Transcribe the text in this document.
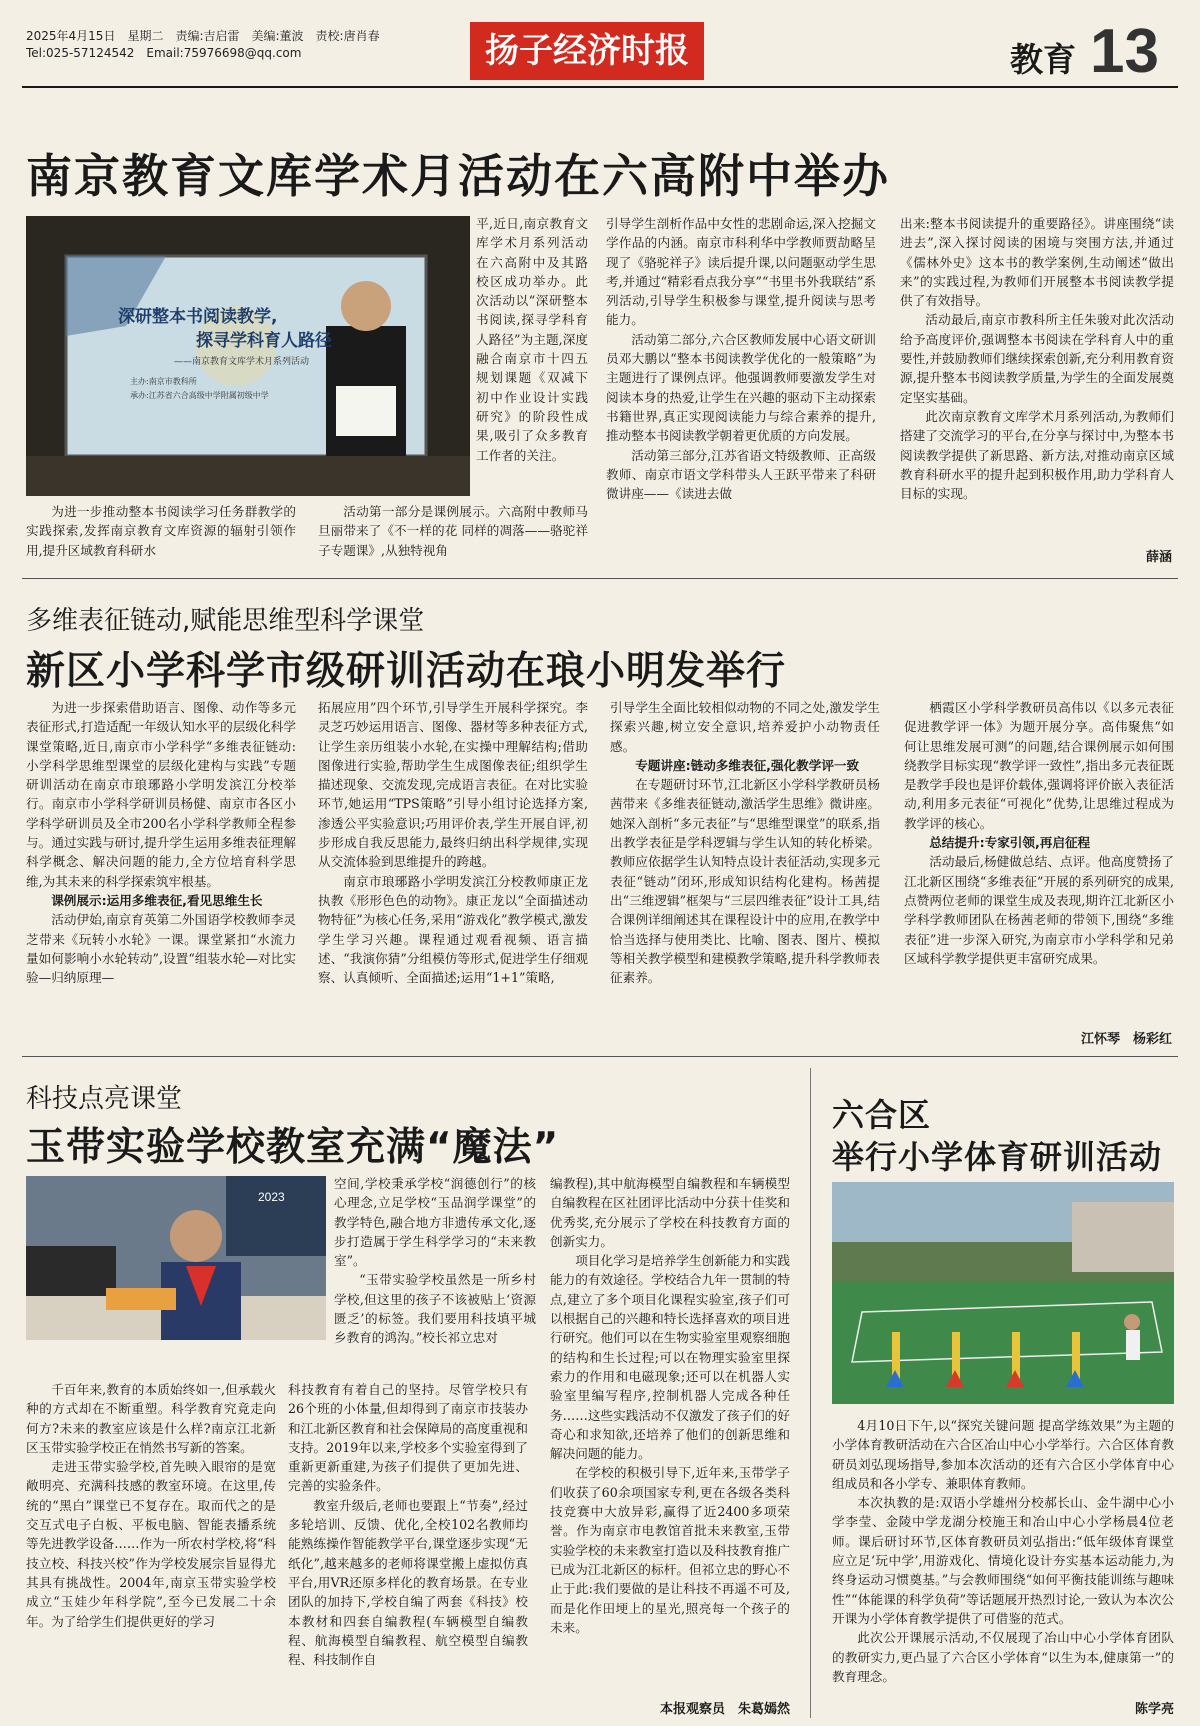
2025年4月15日　星期二　责编:吉启雷　美编:董波　责校:唐肖春
Tel:025-57124542　Email:75976698@qq.com	扬子经济时报	教育 13
南京教育文库学术月活动在六高附中举办
深研整本书阅读教学,
探寻学科育人路径
——南京教育文库学术月系列活动
主办:南京市教科所
承办:江苏省六合高级中学附属初级中学

平,近日,南京教育文库学术月系列活动在六高附中及其路校区成功举办。此次活动以“深研整本书阅读,探寻学科育人路径”为主题,深度融合南京市十四五规划课题《双减下初中作业设计实践研究》的阶段性成果,吸引了众多教育工作者的关注。

为进一步推动整本书阅读学习任务群教学的实践探索,发挥南京教育文库资源的辐射引领作用,提升区域教育科研水

活动第一部分是课例展示。六高附中教师马旦丽带来了《不一样的花 同样的凋落——骆驼祥子专题课》,从独特视角

引导学生剖析作品中女性的悲剧命运,深入挖掘文学作品的内涵。南京市科利华中学教师贾劼略呈现了《骆驼祥子》读后提升课,以问题驱动学生思考,并通过“精彩看点我分享”“书里书外我联结”系列活动,引导学生积极参与课堂,提升阅读与思考能力。

活动第二部分,六合区教师发展中心语文研训员邓大鹏以“整本书阅读教学优化的一般策略”为主题进行了课例点评。他强调教师要激发学生对阅读本身的热爱,让学生在兴趣的驱动下主动探索书籍世界,真正实现阅读能力与综合素养的提升,推动整本书阅读教学朝着更优质的方向发展。

活动第三部分,江苏省语文特级教师、正高级教师、南京市语文学科带头人王跃平带来了科研微讲座——《读进去做

出来:整本书阅读提升的重要路径》。讲座围绕“读进去”,深入探讨阅读的困境与突围方法,并通过《儒林外史》这本书的教学案例,生动阐述“做出来”的实践过程,为教师们开展整本书阅读教学提供了有效指导。

活动最后,南京市教科所主任朱骏对此次活动给予高度评价,强调整本书阅读在学科育人中的重要性,并鼓励教师们继续探索创新,充分利用教育资源,提升整本书阅读教学质量,为学生的全面发展奠定坚实基础。

此次南京教育文库学术月系列活动,为教师们搭建了交流学习的平台,在分享与探讨中,为整本书阅读教学提供了新思路、新方法,对推动南京区域教育科研水平的提升起到积极作用,助力学科育人目标的实现。

薛涵
多维表征链动,赋能思维型科学课堂
新区小学科学市级研训活动在琅小明发举行

为进一步探索借助语言、图像、动作等多元表征形式,打造适配一年级认知水平的层级化科学课堂策略,近日,南京市小学科学“多维表征链动:小学科学思维型课堂的层级化建构与实践”专题研训活动在南京市琅琊路小学明发滨江分校举行。南京市小学科学研训员杨健、南京市各区小学科学研训员及全市200名小学科学教师全程参与。通过实践与研讨,提升学生运用多维表征理解科学概念、解决问题的能力,全方位培育科学思维,为其未来的科学探索筑牢根基。

课例展示:运用多维表征,看见思维生长

活动伊始,南京育英第二外国语学校教师李灵芝带来《玩转小水轮》一课。课堂紧扣“水流力量如何影响小水轮转动”,设置“组装水轮—对比实验—归纳原理—

拓展应用”四个环节,引导学生开展科学探究。李灵芝巧妙运用语言、图像、器材等多种表征方式,让学生亲历组装小水轮,在实操中理解结构;借助图像进行实验,帮助学生生成图像表征;组织学生描述现象、交流发现,完成语言表征。在对比实验环节,她运用“TPS策略”引导小组讨论选择方案,渗透公平实验意识;巧用评价表,学生开展自评,初步形成自我反思能力,最终归纳出科学规律,实现从交流体验到思维提升的跨越。

南京市琅琊路小学明发滨江分校教师康正龙执教《形形色色的动物》。康正龙以“全面描述动物特征”为核心任务,采用“游戏化”教学模式,激发学生学习兴趣。课程通过观看视频、语言描述、“我演你猜”分组模仿等形式,促进学生仔细观察、认真倾听、全面描述;运用“1+1”策略,

引导学生全面比较相似动物的不同之处,激发学生探索兴趣,树立安全意识,培养爱护小动物责任感。

专题讲座:链动多维表征,强化教学评一致

在专题研讨环节,江北新区小学科学教研员杨茜带来《多维表征链动,激活学生思维》微讲座。她深入剖析“多元表征”与“思维型课堂”的联系,指出教学表征是学科逻辑与学生认知的转化桥梁。教师应依据学生认知特点设计表征活动,实现多元表征“链动”闭环,形成知识结构化建构。杨茜提出“三维逻辑”框架与“三层四维表征”设计工具,结合课例详细阐述其在课程设计中的应用,在教学中恰当选择与使用类比、比喻、图表、图片、模拟等相关教学模型和建模教学策略,提升科学教师表征素养。

栖霞区小学科学教研员高伟以《以多元表征促进教学评一体》为题开展分享。高伟聚焦“如何让思维发展可测”的问题,结合课例展示如何围绕教学目标实现“教学评一致性”,指出多元表征既是教学手段也是评价载体,强调将评价嵌入表征活动,利用多元表征“可视化”优势,让思维过程成为教学评的核心。

总结提升:专家引领,再启征程

活动最后,杨健做总结、点评。他高度赞扬了江北新区围绕“多维表征”开展的系列研究的成果,点赞两位老师的课堂生成及表现,期许江北新区小学科学教师团队在杨茜老师的带领下,围绕“多维表征”进一步深入研究,为南京市小学科学和兄弟区域科学教学提供更丰富研究成果。

江怀琴　杨彩红
科技点亮课堂
玉带实验学校教室充满“魔法”
2023

空间,学校秉承学校“润德创行”的核心理念,立足学校“玉品润学课堂”的教学特色,融合地方非遗传承文化,逐步打造属于学生科学学习的“未来教室”。

“玉带实验学校虽然是一所乡村学校,但这里的孩子不该被贴上‘资源匮乏’的标签。我们要用科技填平城乡教育的鸿沟。”校长祁立忠对

千百年来,教育的本质始终如一,但承载火种的方式却在不断重塑。科学教育究竟走向何方?未来的教室应该是什么样?南京江北新区玉带实验学校正在悄然书写新的答案。

走进玉带实验学校,首先映入眼帘的是宽敞明亮、充满科技感的教室环境。在这里,传统的“黑白”课堂已不复存在。取而代之的是交互式电子白板、平板电脑、智能表播系统等先进教学设备……作为一所农村学校,将“科技立校、科技兴校”作为学校发展宗旨显得尤其具有挑战性。2004年,南京玉带实验学校成立“玉娃少年科学院”,至今已发展二十余年。为了给学生们提供更好的学习

科技教育有着自己的坚持。尽管学校只有26个班的小体量,但却得到了南京市技装办和江北新区教育和社会保障局的高度重视和支持。2019年以来,学校多个实验室得到了重新更新重建,为孩子们提供了更加先进、完善的实验条件。

教室升级后,老师也要跟上“节奏”,经过多轮培训、反馈、优化,全校102名教师均能熟练操作智能教学平台,课堂逐步实现“无纸化”,越来越多的老师将课堂搬上虚拟仿真平台,用VR还原多样化的教育场景。在专业团队的加持下,学校自编了两套《科技》校本教材和四套自编教程(车辆模型自编教程、航海模型自编教程、航空模型自编教程、科技制作自

编教程),其中航海模型自编教程和车辆模型自编教程在区社团评比活动中分获十佳奖和优秀奖,充分展示了学校在科技教育方面的创新实力。

项目化学习是培养学生创新能力和实践能力的有效途径。学校结合九年一贯制的特点,建立了多个项目化课程实验室,孩子们可以根据自己的兴趣和特长选择喜欢的项目进行研究。他们可以在生物实验室里观察细胞的结构和生长过程;可以在物理实验室里探索力的作用和电磁现象;还可以在机器人实验室里编写程序,控制机器人完成各种任务……这些实践活动不仅激发了孩子们的好奇心和求知欲,还培养了他们的创新思维和解决问题的能力。

在学校的积极引导下,近年来,玉带学子们收获了60余项国家专利,更在各级各类科技竞赛中大放异彩,赢得了近2400多项荣誉。作为南京市电教馆首批未来教室,玉带实验学校的未来教室打造以及科技教育推广已成为江北新区的标杆。但祁立忠的野心不止于此:我们要做的是让科技不再遥不可及,而是化作田埂上的星光,照亮每一个孩子的未来。

本报观察员　朱葛嫣然
六合区
举行小学体育研训活动

4月10日下午,以“探究关键问题 提高学练效果”为主题的小学体育教研活动在六合区冶山中心小学举行。六合区体育教研员刘弘现场指导,参加本次活动的还有六合区小学体育中心组成员和各小学专、兼职体育教师。

本次执教的是:双语小学雄州分校郝长山、金牛湖中心小学李莹、金陵中学龙湖分校施王和冶山中心小学杨晨4位老师。课后研讨环节,区体育教研员刘弘指出:“低年级体育课堂应立足‘玩中学’,用游戏化、情境化设计夯实基本运动能力,为终身运动习惯奠基。”与会教师围绕“如何平衡技能训练与趣味性”“体能课的科学负荷”等话题展开热烈讨论,一致认为本次公开课为小学体育教学提供了可借鉴的范式。

此次公开课展示活动,不仅展现了冶山中心小学体育团队的教研实力,更凸显了六合区小学体育“以生为本,健康第一”的教育理念。

陈学亮
